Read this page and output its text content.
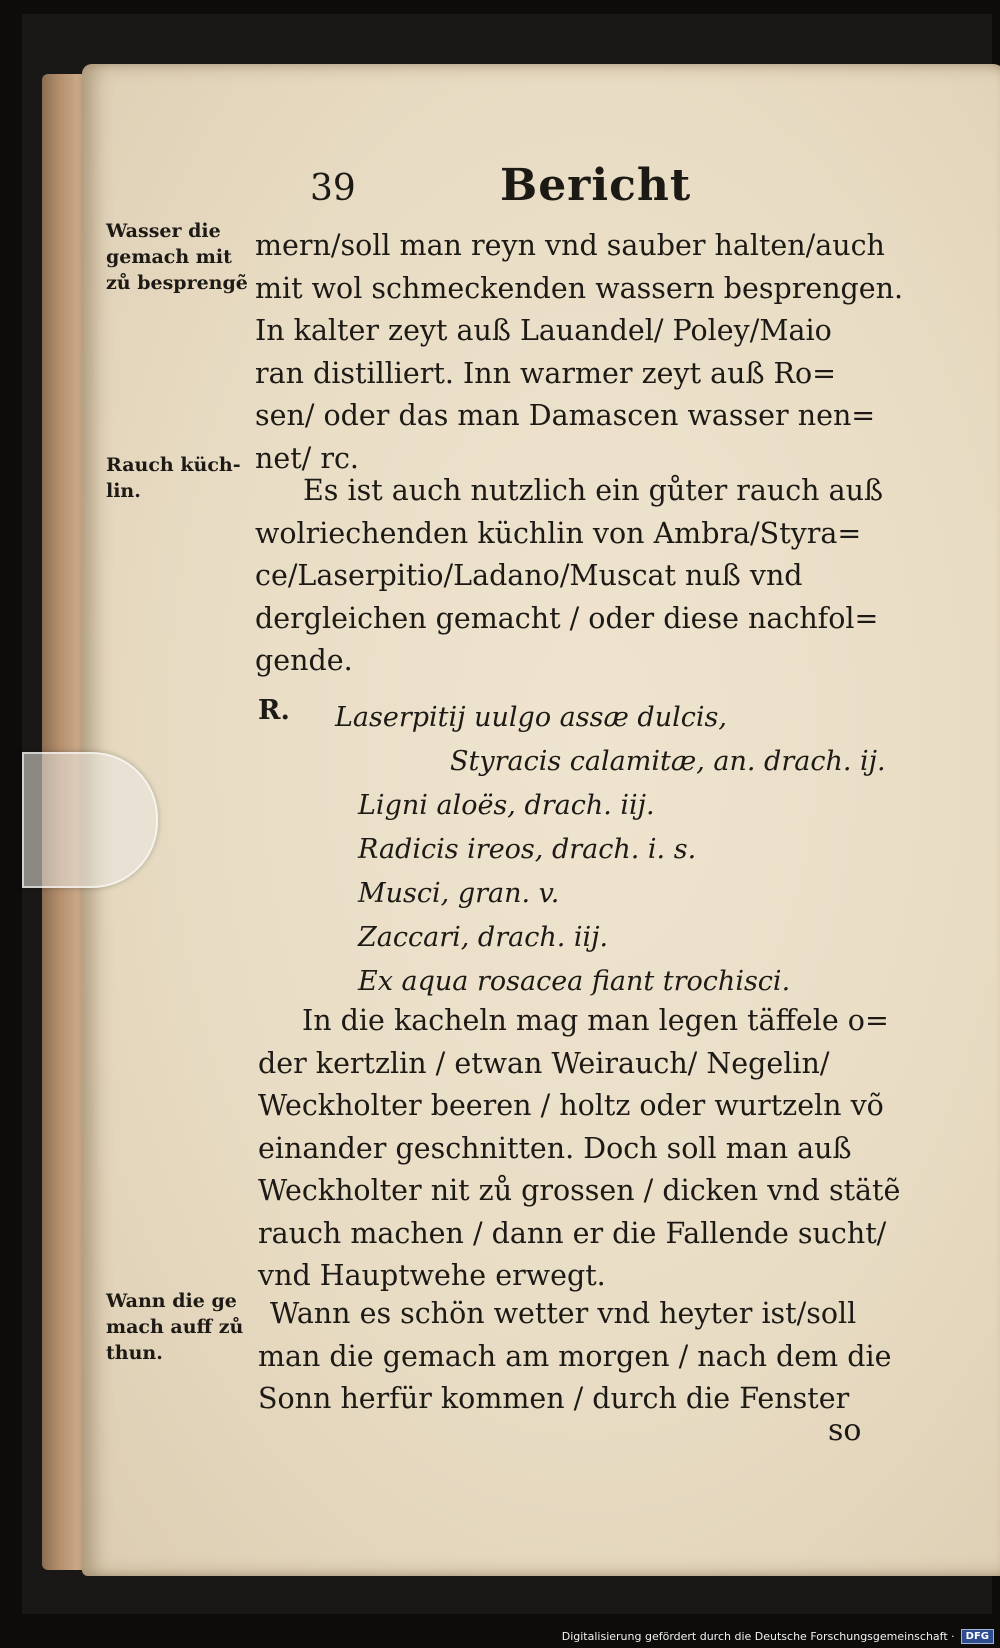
39	Bericht
Wasser die
gemach mit
zů besprengẽ
Rauch küch-
lin.
Wann die ge
mach auff zů
thun.
mern/soll man reyn vnd sauber halten/auch
mit wol schmeckenden wassern besprengen.
In kalter zeyt auß Lauandel/ Poley/Maio
ran distilliert. Inn warmer zeyt auß Ro=
sen/ oder das man Damascen wasser nen=
net/ rc.
Es ist auch nutzlich ein gůter rauch auß
wolriechenden küchlin von Ambra/Styra=
ce/Laserpitio/Ladano/Muscat nuß vnd
dergleichen gemacht / oder diese nachfol=
gende.
R. Laserpitij uulgo assæ dulcis,
Styracis calamitæ, an. drach. ij.
Ligni aloës, drach. iij.
Radicis ireos, drach. i. s.
Musci, gran. v.
Zaccari, drach. iij.
Ex aqua rosacea fiant trochisci.
In die kacheln mag man legen täffele o=
der kertzlin / etwan Weirauch/ Negelin/
Weckholter beeren / holtz oder wurtzeln võ
einander geschnitten. Doch soll man auß
Weckholter nit zů grossen / dicken vnd stätẽ
rauch machen / dann er die Fallende sucht/
vnd Hauptwehe erwegt.
Wann es schön wetter vnd heyter ist/soll
man die gemach am morgen / nach dem die
Sonn herfür kommen / durch die Fenster
so
Digitalisierung gefördert durch die Deutsche Forschungsgemeinschaft ·	DFG
